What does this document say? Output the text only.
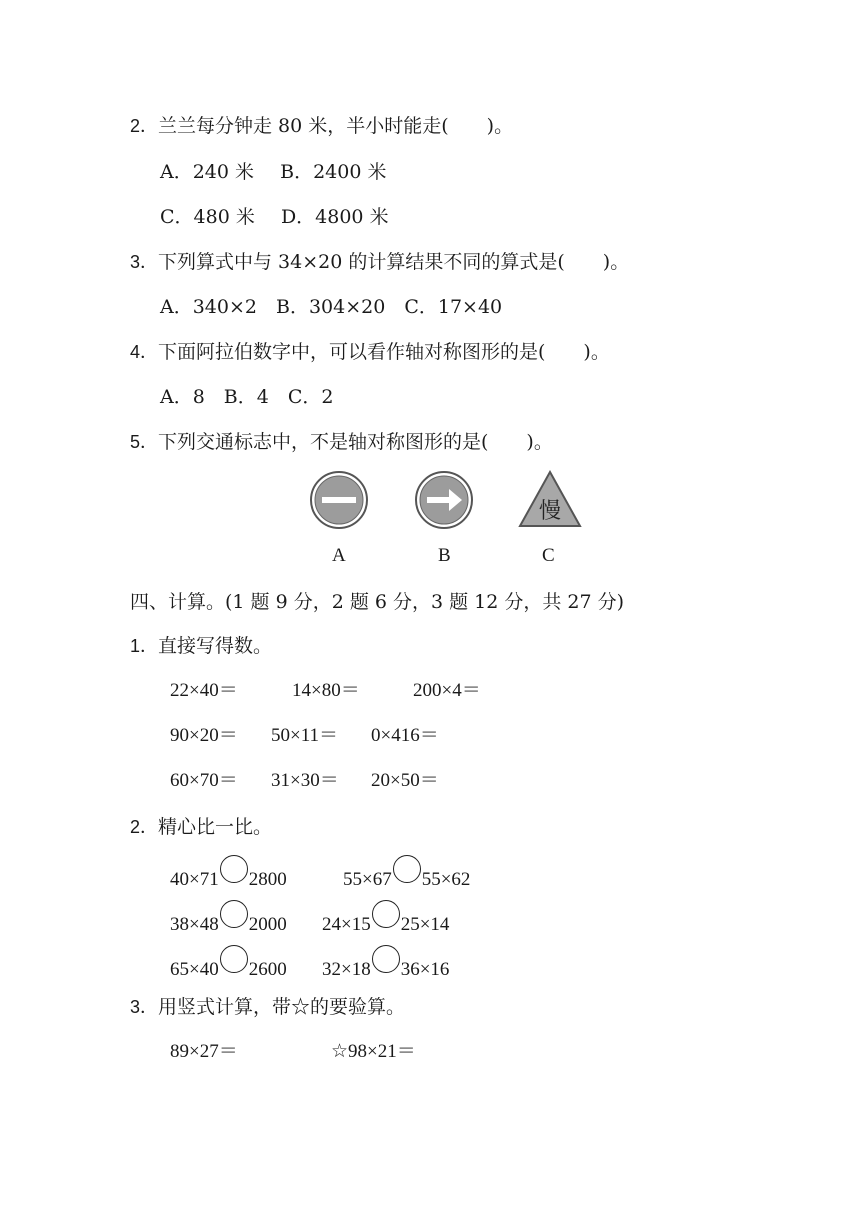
2．兰兰每分钟走 80 米，半小时能走(　　)。
A．240 米 B．2400 米
C．480 米 D．4800 米
3．下列算式中与 34×20 的计算结果不同的算式是(　　)。
A．340×2　B．304×20　C．17×40
4．下面阿拉伯数字中，可以看作轴对称图形的是(　　)。
A．8　B．4　C．2
5．下列交通标志中，不是轴对称图形的是(　　)。
慢
A	B	C
四、计算。(1 题 9 分，2 题 6 分，3 题 12 分，共 27 分)
1．直接写得数。
22×40＝	14×80＝	200×4＝
90×20＝ 50×11＝ 0×416＝
60×70＝ 31×30＝ 20×50＝
2．精心比一比。
40×71 2800	55×67 55×62
38×48 2000 24×15 25×14
65×40 2600 32×18 36×16
3．用竖式计算，带☆的要验算。
89×27＝	☆98×21＝
